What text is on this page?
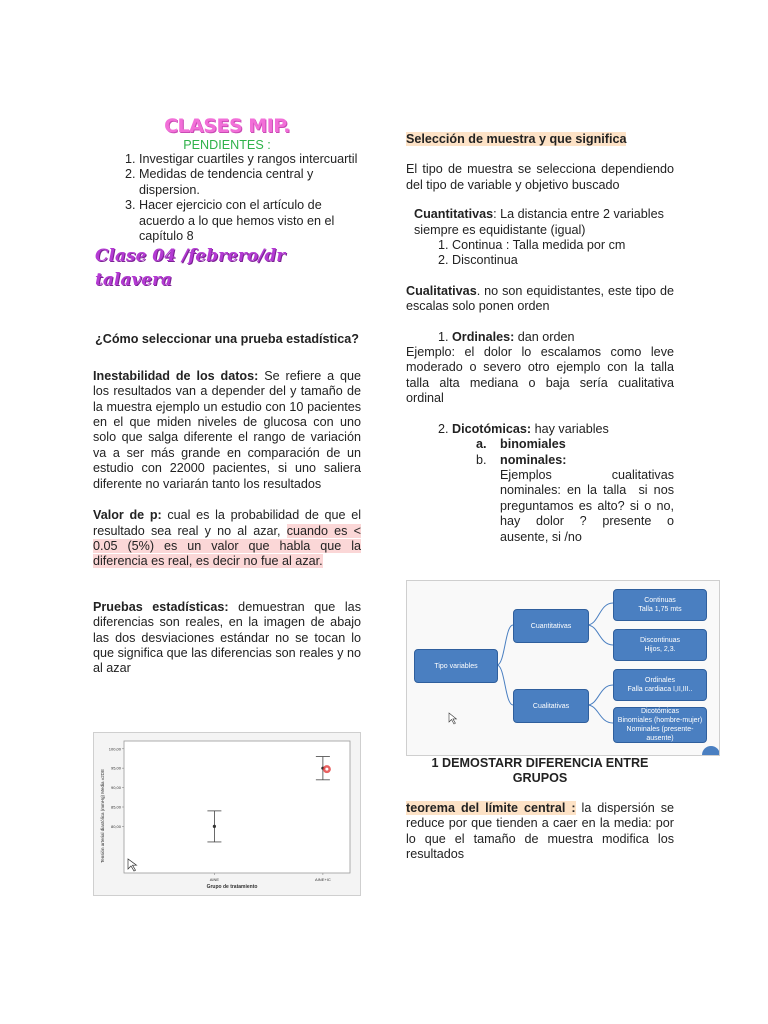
CLASES MIP.
PENDIENTES :
1. Investigar cuartiles y rangos intercuartil
2. Medidas de tendencia central y dispersion.
3. Hacer ejercicio con el artículo de acuerdo a lo que hemos visto en el capítulo 8
Clase 04 /febrero/dr talavera
¿Cómo seleccionar una prueba estadística?

Inestabilidad de los datos: Se refiere a que los resultados van a depender del y tamaño de la muestra ejemplo un estudio con 10 pacientes en el que miden niveles de glucosa con uno solo que salga diferente el rango de variación va a ser más grande en comparación de un estudio con 22000 pacientes, si uno saliera diferente no variarán tanto los resultados

Valor de p: cual es la probabilidad de que el resultado sea real y no al azar, cuando es < 0.05 (5%) es un valor que habla que la diferencia es real, es decir no fue al azar.

Pruebas estadísticas: demuestran que las diferencias son reales, en la imagen de abajo las dos desviaciones estándar no se tocan lo que significa que las diferencias son reales y no al azar

100,00
95,00
90,00
85,00
80,00
AINE	AINE+IC
Tensión arterial diastólica (mmHg) Media ±2DE
Grupo de tratamiento
Selección de muestra y que significa

El tipo de muestra se selecciona dependiendo del tipo de variable y objetivo buscado

Cuantitativas: La distancia entre 2 variables siempre es equidistante (igual)

1. Continua : Talla medida por cm
2. Discontinua

Cualitativas. no son equidistantes, este tipo de escalas solo ponen orden

1. Ordinales: dan orden

Ejemplo: el dolor lo escalamos como leve moderado o severo otro ejemplo con la talla talla alta mediana o baja sería cualitativa ordinal

2. Dicotómicas: hay variables
a. binomiales
b. nominales:                Ejemplos cualitativas nominales: en la talla  si nos preguntamos es alto? si o no, hay dolor ? presente o ausente, si /no
Tipo variables
Cuantitativas
Cualitativas
Continuas
Talla 1,75 mts
Discontinuas
Hijos, 2,3.
Ordinales
Falla cardiaca I,II,III..
Dicotómicas
Binomiales (hombre-mujer)
Nominales (presente-ausente)
1 DEMOSTARR DIFERENCIA ENTRE GRUPOS

teorema del límite central : la dispersión se reduce por que tienden a caer en la media: por lo que el tamaño de muestra modifica los resultados
